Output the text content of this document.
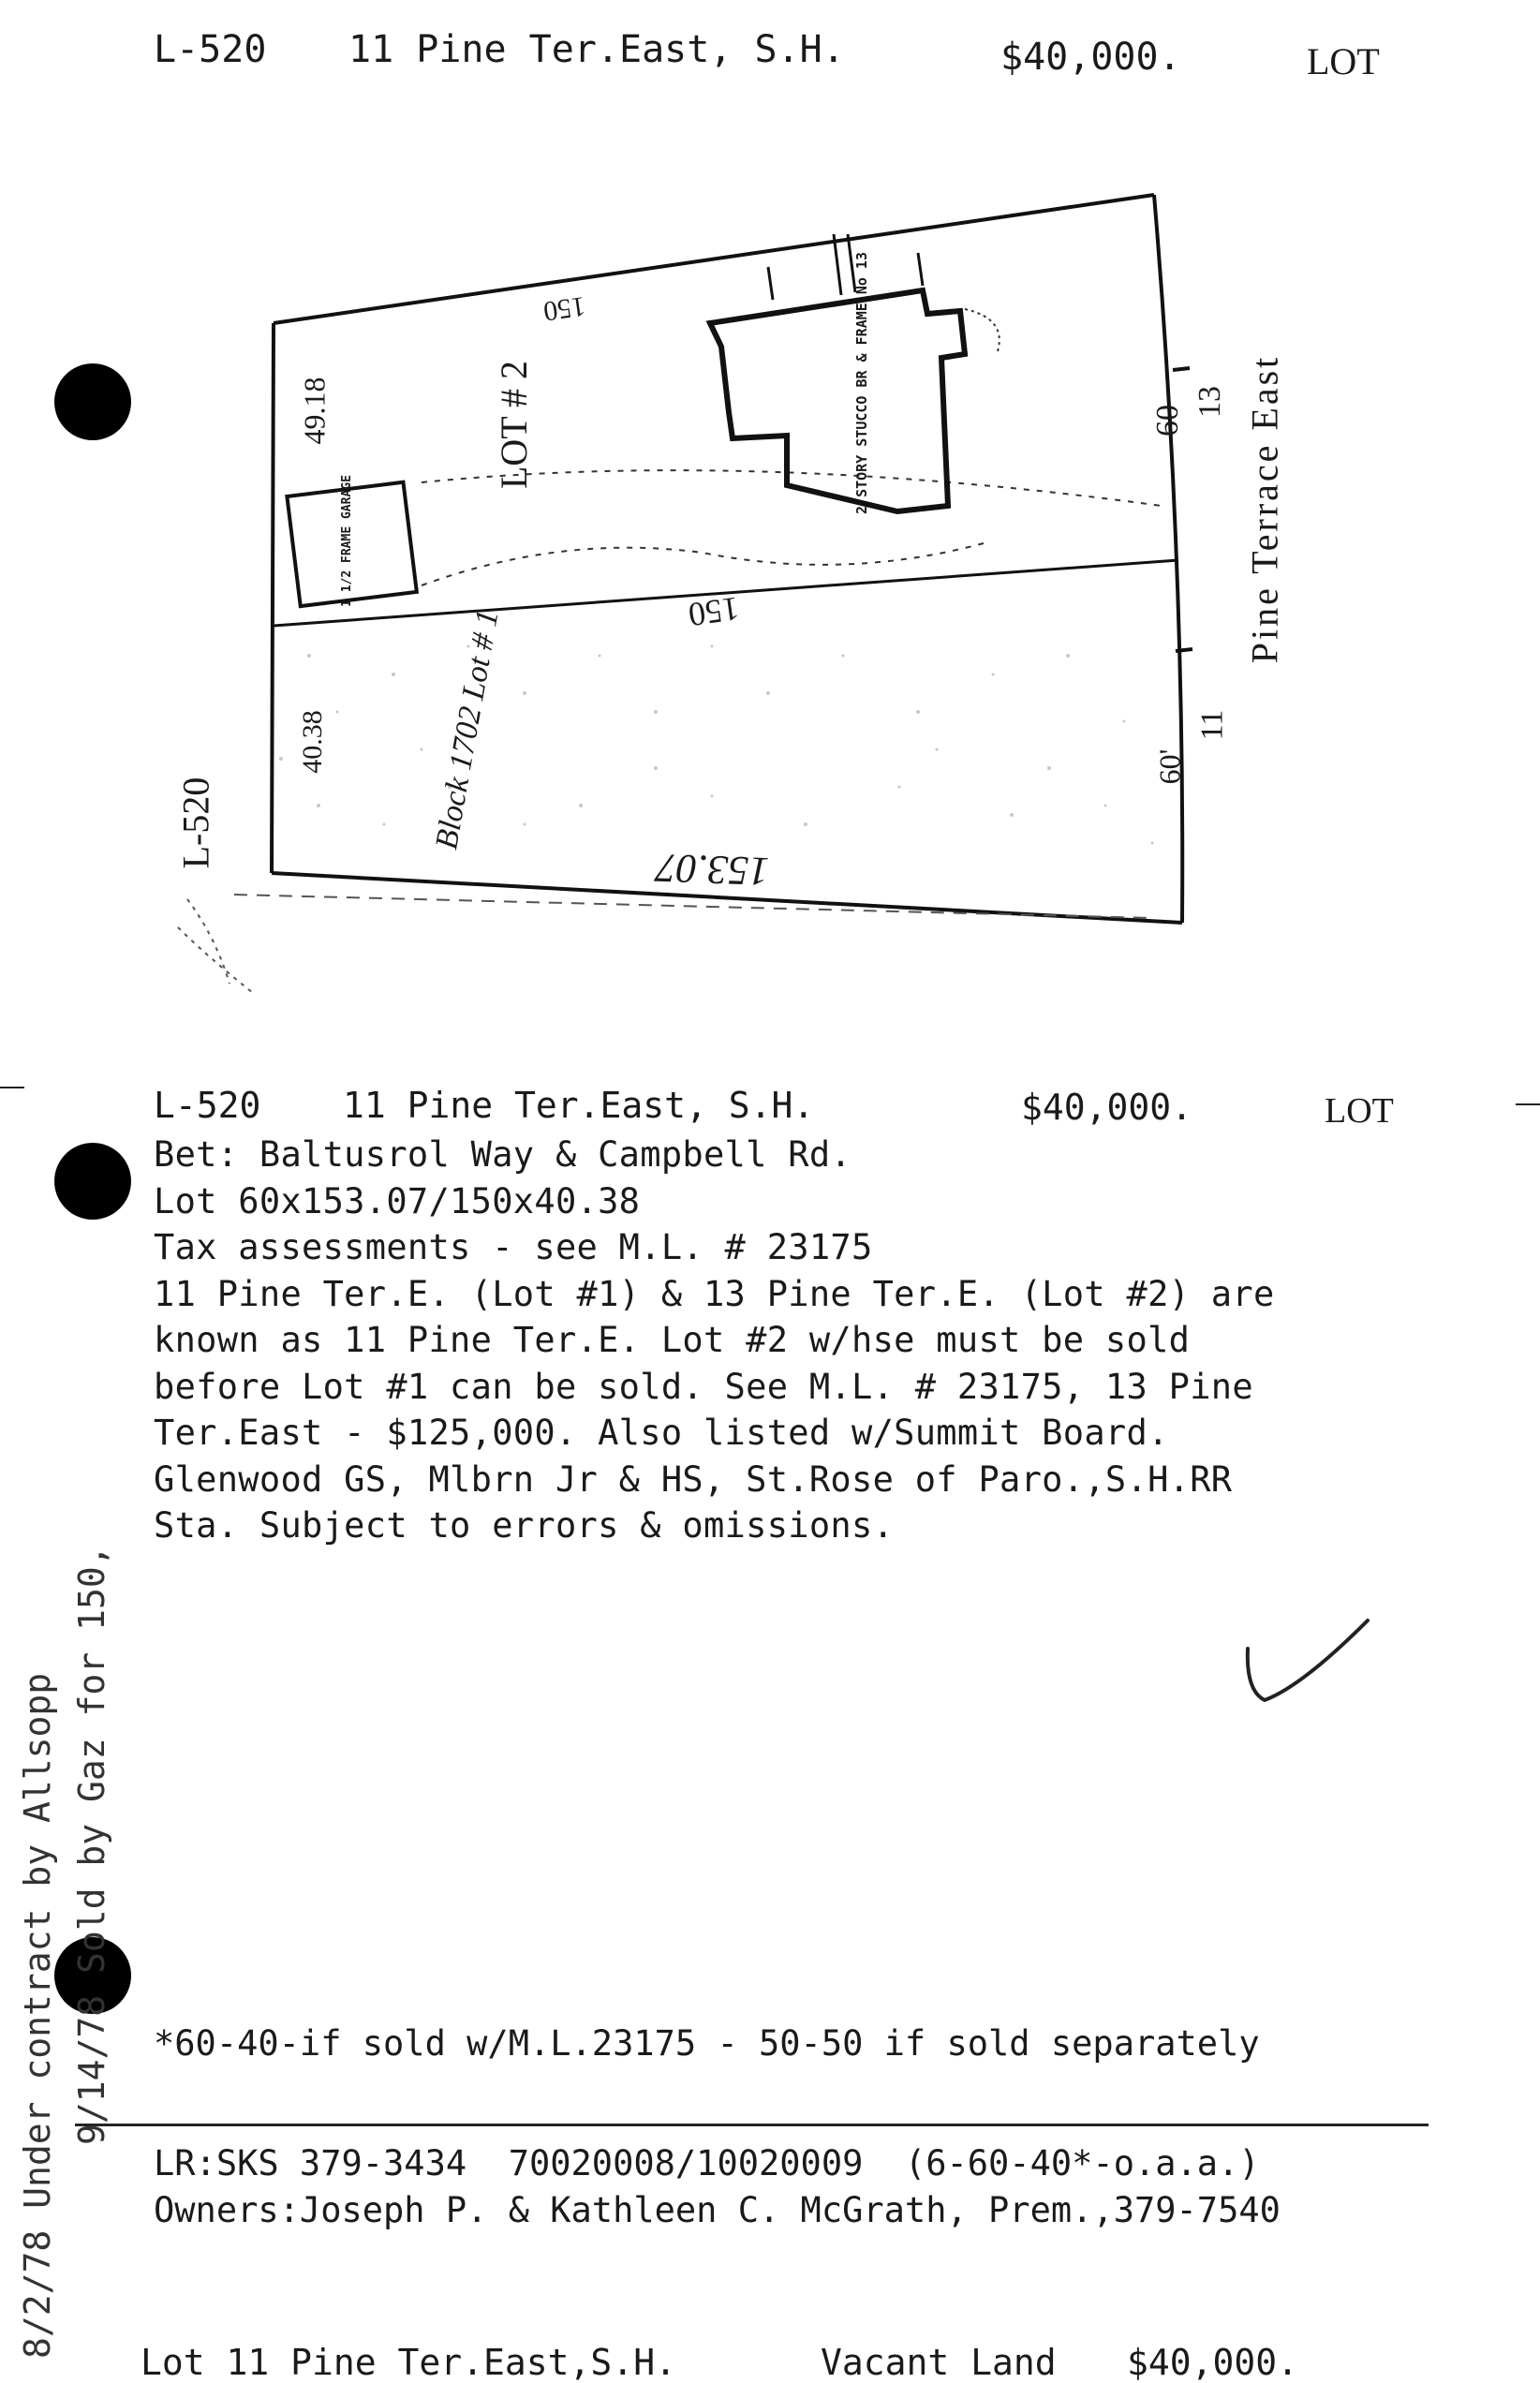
L-520 11 Pine Ter.East, S.H.	$40,000.	LOT
LOT # 2
Block 1702 Lot # 1
Pine Terrace East
L-520
49.18
40.38
60
60'
150
150
153.07
13
11
2 STORY STUCCO BR & FRAME No 13
1 1/2 FRAME GARAGE
L-520 11 Pine Ter.East, S.H.	$40,000.	LOT
Bet: Baltusrol Way & Campbell Rd.
Lot 60x153.07/150x40.38
Tax assessments - see M.L. # 23175
11 Pine Ter.E. (Lot #1) & 13 Pine Ter.E. (Lot #2) are
known as 11 Pine Ter.E. Lot #2 w/hse must be sold
before Lot #1 can be sold. See M.L. # 23175, 13 Pine
Ter.East - $125,000. Also listed w/Summit Board.
Glenwood GS, Mlbrn Jr & HS, St.Rose of Paro.,S.H.RR
Sta. Subject to errors & omissions.
*60-40-if sold w/M.L.23175 - 50-50 if sold separately
LR:SKS 379-3434  70020008/10020009  (6-60-40*-o.a.a.)
Owners:Joseph P. & Kathleen C. McGrath, Prem.,379-7540
Lot 11 Pine Ter.East,S.H.	Vacant Land $40,000.
8/2/78 Under contract by Allsopp 9/14/78 Sold by Gaz for 150,
